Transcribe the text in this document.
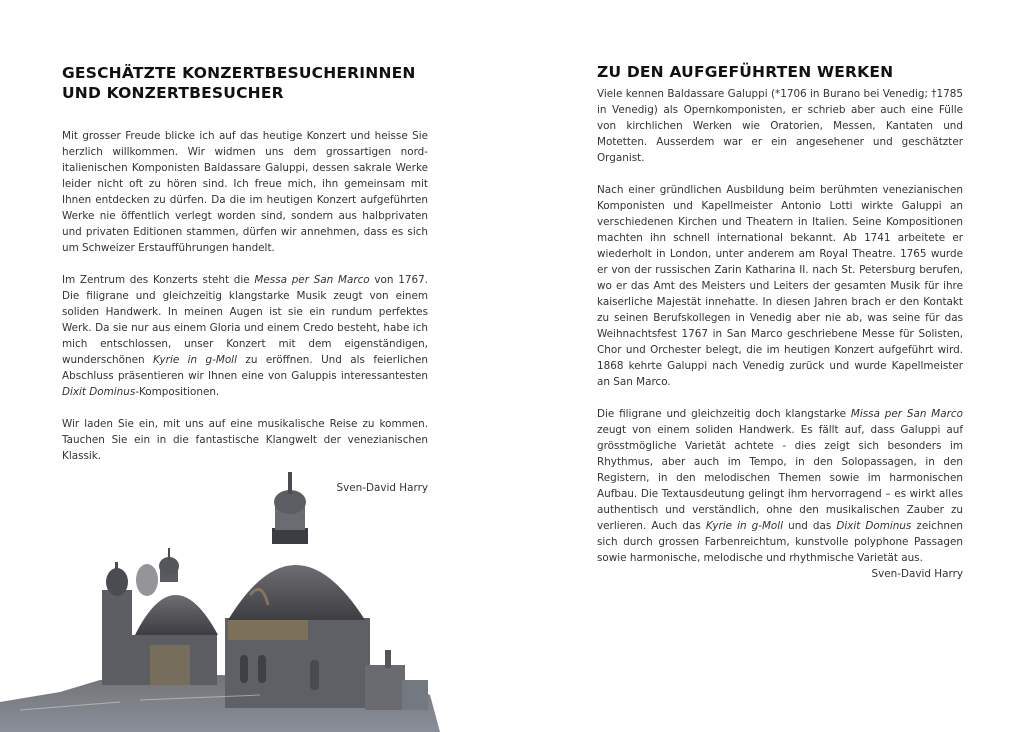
GESCHÄTZTE KONZERTBESUCHERINNEN
UND KONZERTBESUCHER

Mit grosser Freude blicke ich auf das heutige Konzert und heisse Sie herzlich willkommen. Wir widmen uns dem grossartigen norditalienischen Komponisten Baldassare Galuppi, dessen sakrale Werke leider nicht oft zu hören sind. Ich freue mich, ihn gemeinsam mit Ihnen entdecken zu dürfen. Da die im heutigen Konzert aufgeführten Werke nie öffentlich verlegt worden sind, sondern aus halbprivaten und privaten Editionen stammen, dürfen wir annehmen, dass es sich um Schweizer Erstaufführungen handelt.

Im Zentrum des Konzerts steht die Messa per San Marco von 1767. Die filigrane und gleichzeitig klangstarke Musik zeugt von einem soliden Handwerk. In meinen Augen ist sie ein rundum perfektes Werk. Da sie nur aus einem Gloria und einem Credo besteht, habe ich mich entschlossen, unser Konzert mit dem eigenständigen, wunderschönen Kyrie in g-Moll zu eröffnen. Und als feierlichen Abschluss präsentieren wir Ihnen eine von Galuppis interessantesten Dixit Dominus-Kompositionen.

Wir laden Sie ein, mit uns auf eine musikalische Reise zu kommen. Tauchen Sie ein in die fantastische Klangwelt der venezianischen Klassik.

Sven-David Harry
ZU DEN AUFGEFÜHRTEN WERKEN

Viele kennen Baldassare Galuppi (*1706 in Burano bei Venedig; †1785 in Venedig) als Opernkomponisten, er schrieb aber auch eine Fülle von kirchlichen Werken wie Oratorien, Messen, Kantaten und Motetten. Ausserdem war er ein angesehener und geschätzter Organist.

Nach einer gründlichen Ausbildung beim berühmten venezianischen Komponisten und Kapellmeister Antonio Lotti wirkte Galuppi an verschiedenen Kirchen und Theatern in Italien. Seine Kompositionen machten ihn schnell international bekannt. Ab 1741 arbeitete er wiederholt in London, unter anderem am Royal Theatre. 1765 wurde er von der russischen Zarin Katharina II. nach St. Petersburg berufen, wo er das Amt des Meisters und Leiters der gesamten Musik für ihre kaiserliche Majestät innehatte. In diesen Jahren brach er den Kontakt zu seinen Berufskollegen in Venedig aber nie ab, was seine für das Weihnachtsfest 1767 in San Marco geschriebene Messe für Solisten, Chor und Orchester belegt, die im heutigen Konzert aufgeführt wird. 1868 kehrte Galuppi nach Venedig zurück und wurde Kapellmeister an San Marco.

Die filigrane und gleichzeitig doch klangstarke Missa per San Marco zeugt von einem soliden Handwerk. Es fällt auf, dass Galuppi auf grösstmögliche Varietät achtete - dies zeigt sich besonders im Rhythmus, aber auch im Tempo, in den Solopassagen, in den Registern, in den melodischen Themen sowie im harmonischen Aufbau. Die Textausdeutung gelingt ihm hervorragend – es wirkt alles authentisch und verständlich, ohne den musikalischen Zauber zu verlieren. Auch das Kyrie in g-Moll und das Dixit Dominus zeichnen sich durch grossen Farbenreichtum, kunstvolle polyphone Passagen sowie harmonische, melodische und rhythmische Varietät aus.

Sven-David Harry
